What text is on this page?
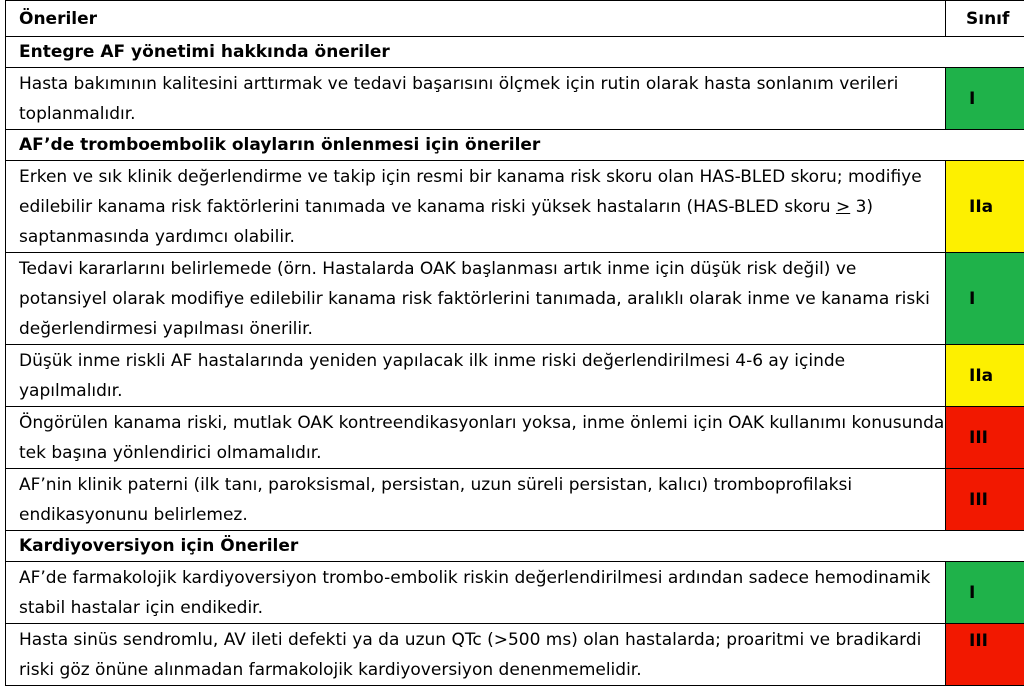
Öneriler	Sınıf
Entegre AF yönetimi hakkında öneriler	
Hasta bakımının kalitesini arttırmak ve tedavi başarısını ölçmek için rutin olarak hasta sonlanım verileri toplanmalıdır.	I
AF’de tromboembolik olayların önlenmesi için öneriler	
Erken ve sık klinik değerlendirme ve takip için resmi bir kanama risk skoru olan HAS-BLED skoru; modifiye edilebilir kanama risk faktörlerini tanımada ve kanama riski yüksek hastaların (HAS-BLED skoru ≥ 3) saptanmasında yardımcı olabilir.	IIa
Tedavi kararlarını belirlemede (örn. Hastalarda OAK başlanması artık inme için düşük risk değil) ve potansiyel olarak modifiye edilebilir kanama risk faktörlerini tanımada, aralıklı olarak inme ve kanama riski değerlendirmesi yapılması önerilir.	I
Düşük inme riskli AF hastalarında yeniden yapılacak ilk inme riski değerlendirilmesi 4-6 ay içinde yapılmalıdır.	IIa
Öngörülen kanama riski, mutlak OAK kontreendikasyonları yoksa, inme önlemi için OAK kullanımı konusunda tek başına yönlendirici olmamalıdır.	III
AF’nin klinik paterni (ilk tanı, paroksismal, persistan, uzun süreli persistan, kalıcı) tromboprofilaksi endikasyonunu belirlemez.	III
Kardiyoversiyon için Öneriler	
AF’de farmakolojik kardiyoversiyon trombo-embolik riskin değerlendirilmesi ardından sadece hemodinamik stabil hastalar için endikedir.	I
Hasta sinüs sendromlu, AV ileti defekti ya da uzun QTc (>500 ms) olan hastalarda; proaritmi ve bradikardi riski göz önüne alınmadan farmakolojik kardiyoversiyon denenmemelidir.	III
